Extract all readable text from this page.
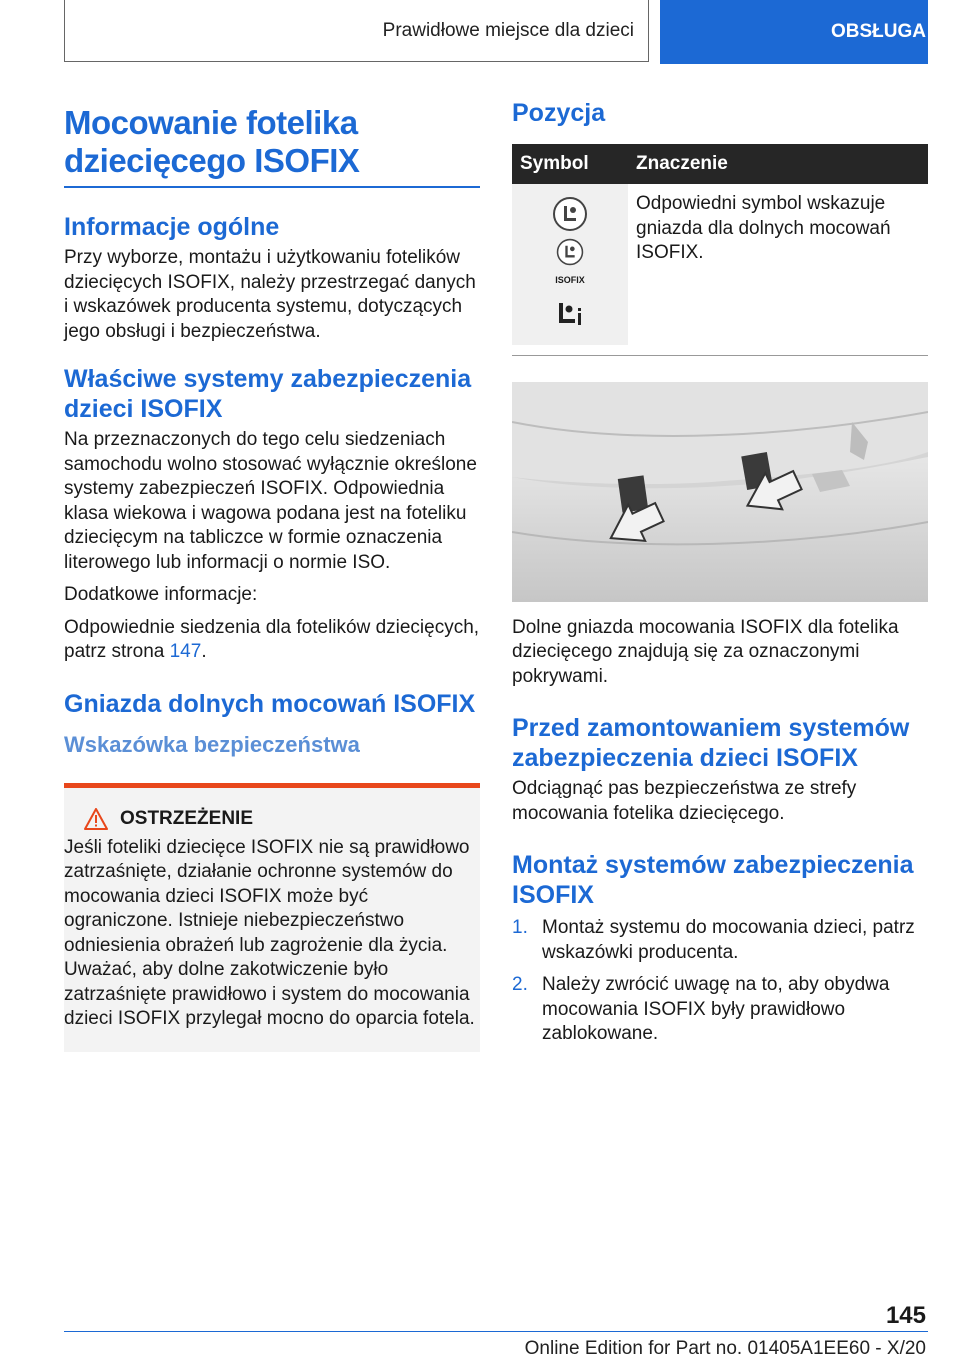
Prawidłowe miejsce dla dzieci	OBSŁUGA
Mocowanie fotelika dziecięcego ISOFIX
Informacje ogólne

Przy wyborze, montażu i użytkowaniu fotelików dziecięcych ISOFIX, należy przestrzegać danych i wskazówek producenta systemu, dotyczących jego obsługi i bezpieczeństwa.

Właściwe systemy zabezpieczenia dzieci ISOFIX

Na przeznaczonych do tego celu siedzeniach samochodu wolno stosować wyłącznie określone systemy zabezpieczeń ISOFIX. Odpowiednia klasa wiekowa i wagowa podana jest na foteliku dziecięcym na tabliczce w formie oznaczenia literowego lub informacji o normie ISO.

Dodatkowe informacje:

Odpowiednie siedzenia dla fotelików dziecięcych, patrz strona 147.

Gniazda dolnych mocowań ISOFIX
Wskazówka bezpieczeństwa
OSTRZEŻENIE

Jeśli foteliki dziecięce ISOFIX nie są prawidłowo zatrzaśnięte, działanie ochronne systemów do mocowania dzieci ISOFIX może być ograniczone. Istnieje niebezpieczeństwo odniesienia obrażeń lub zagrożenie dla życia. Uważać, aby dolne zakotwiczenie było zatrzaśnięte prawidłowo i system do mocowania dzieci ISOFIX przylegał mocno do oparcia fotela.

Pozycja
Symbol	Znaczenie

ISOFIX	Odpowiedni symbol wskazuje gniazda dla dolnych mocowań ISOFIX.

Dolne gniazda mocowania ISOFIX dla fotelika dziecięcego znajdują się za oznaczonymi pokrywami.

Przed zamontowaniem systemów zabezpieczenia dzieci ISOFIX

Odciągnąć pas bezpieczeństwa ze strefy mocowania fotelika dziecięcego.

Montaż systemów zabezpieczenia ISOFIX
1. Montaż systemu do mocowania dzieci, patrz wskazówki producenta.
2. Należy zwrócić uwagę na to, aby obydwa mocowania ISOFIX były prawidłowo zablokowane.
145
Online Edition for Part no. 01405A1EE60 - X/20
